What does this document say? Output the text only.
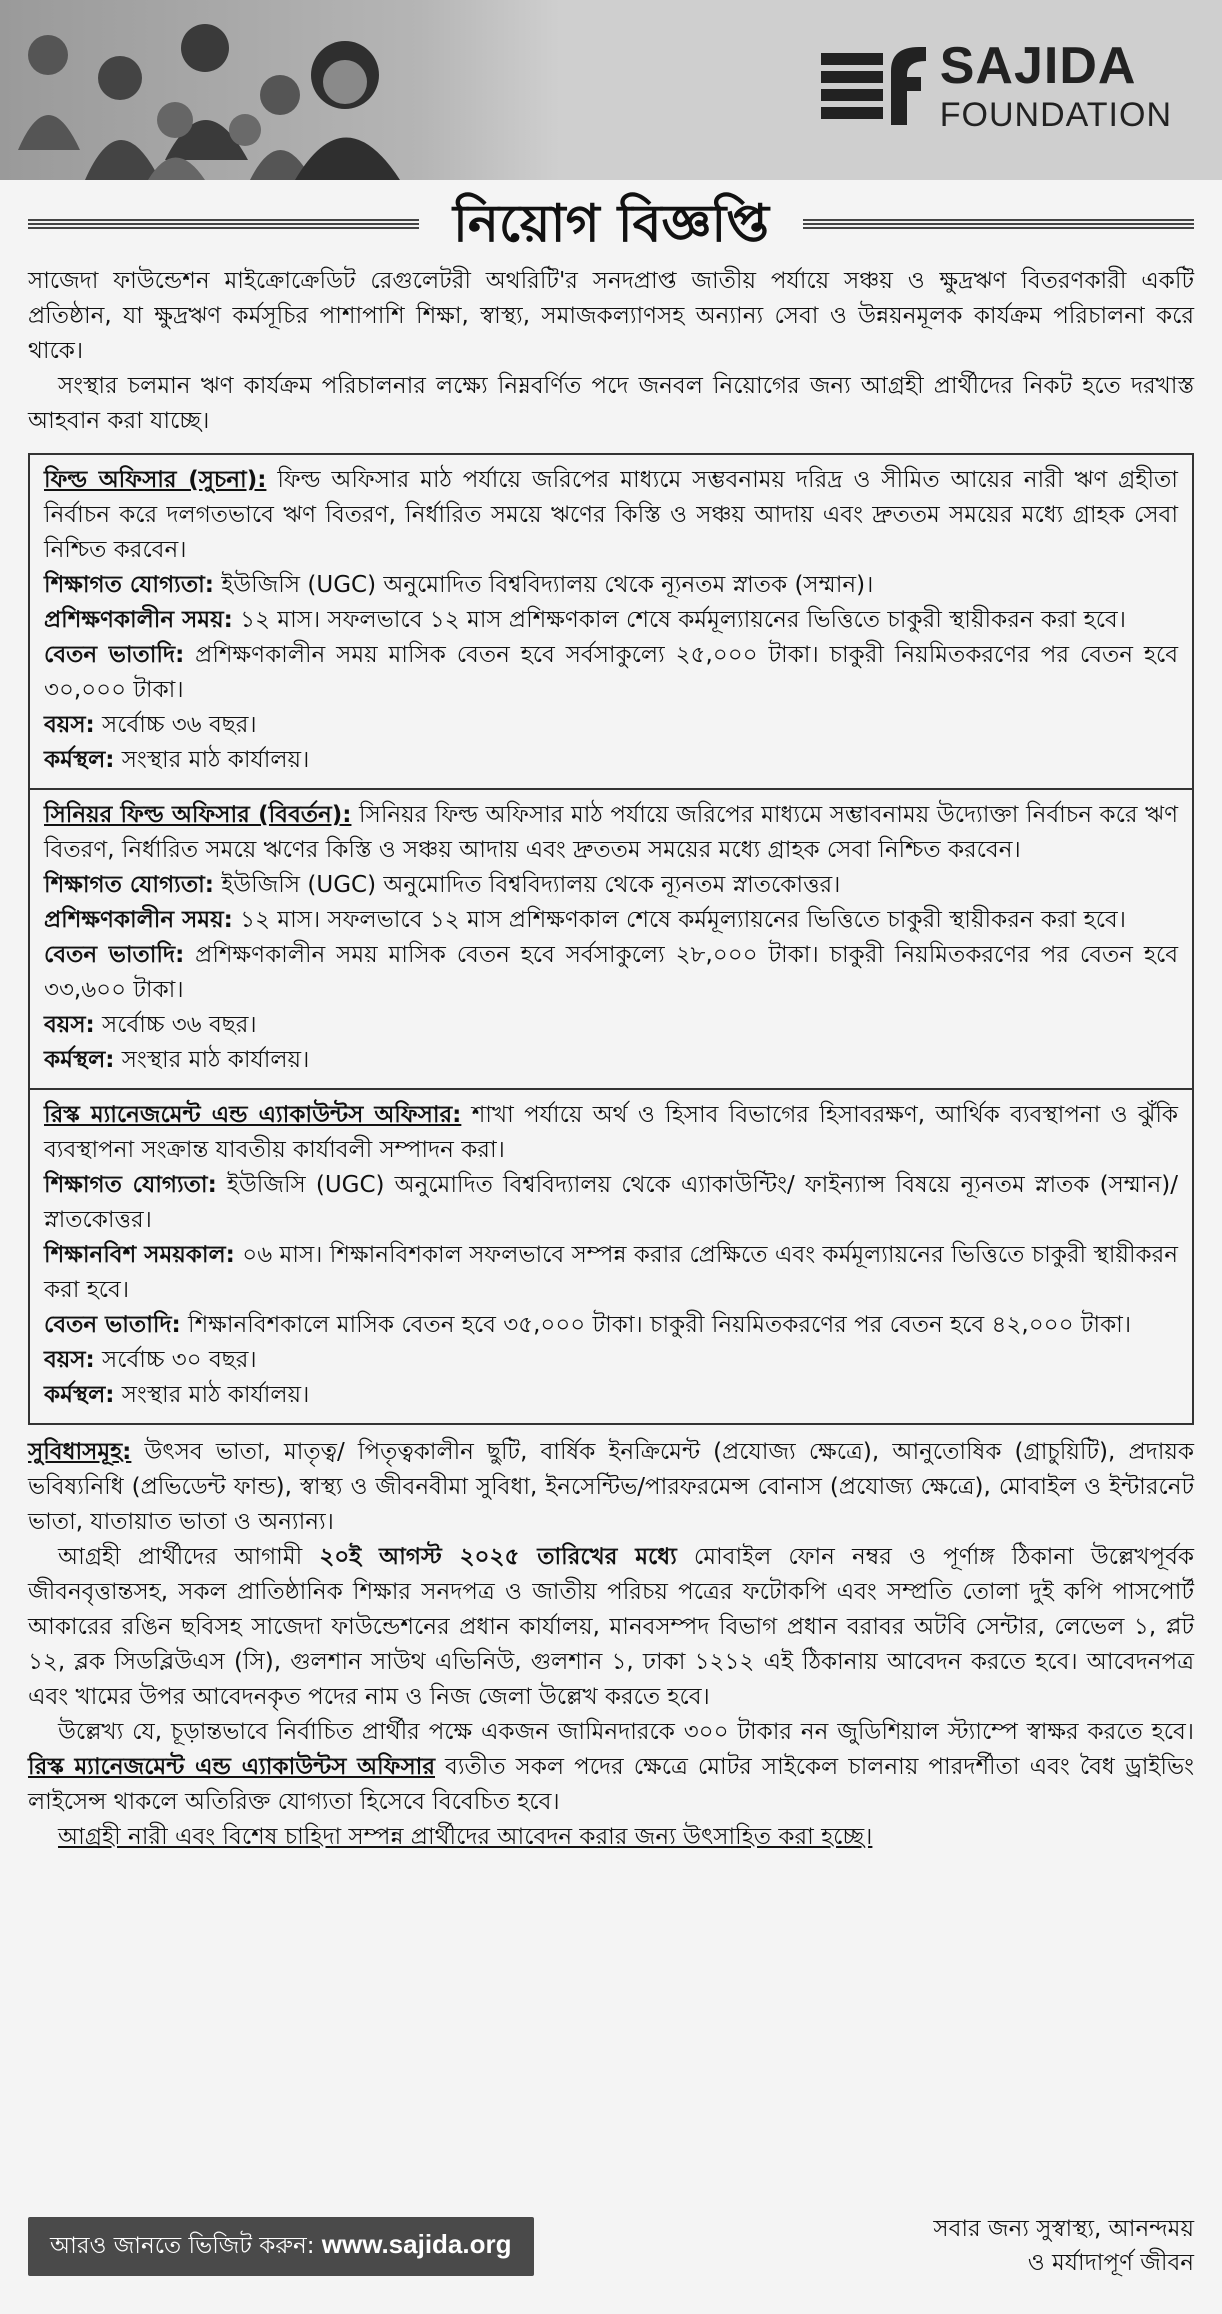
SAJIDA
FOUNDATION
নিয়োগ বিজ্ঞপ্তি

সাজেদা ফাউন্ডেশন মাইক্রোক্রেডিট রেগুলেটরী অথরিটি'র সনদপ্রাপ্ত জাতীয় পর্যায়ে সঞ্চয় ও ক্ষুদ্রঋণ বিতরণকারী একটি প্রতিষ্ঠান, যা ক্ষুদ্রঋণ কর্মসূচির পাশাপাশি শিক্ষা, স্বাস্থ্য, সমাজকল্যাণসহ অন্যান্য সেবা ও উন্নয়নমূলক কার্যক্রম পরিচালনা করে থাকে।

সংস্থার চলমান ঋণ কার্যক্রম পরিচালনার লক্ষ্যে নিম্নবর্ণিত পদে জনবল নিয়োগের জন্য আগ্রহী প্রার্থীদের নিকট হতে দরখাস্ত আহবান করা যাচ্ছে।

ফিল্ড অফিসার (সুচনা): ফিল্ড অফিসার মাঠ পর্যায়ে জরিপের মাধ্যমে সম্ভবনাময় দরিদ্র ও সীমিত আয়ের নারী ঋণ গ্রহীতা নির্বাচন করে দলগতভাবে ঋণ বিতরণ, নির্ধারিত সময়ে ঋণের কিস্তি ও সঞ্চয় আদায় এবং দ্রুততম সময়ের মধ্যে গ্রাহক সেবা নিশ্চিত করবেন।

শিক্ষাগত যোগ্যতা: ইউজিসি (UGC) অনুমোদিত বিশ্ববিদ্যালয় থেকে ন্যূনতম স্নাতক (সম্মান)।

প্রশিক্ষণকালীন সময়: ১২ মাস। সফলভাবে ১২ মাস প্রশিক্ষণকাল শেষে কর্মমূল্যায়নের ভিত্তিতে চাকুরী স্থায়ীকরন করা হবে।

বেতন ভাতাদি: প্রশিক্ষণকালীন সময় মাসিক বেতন হবে সর্বসাকুল্যে ২৫,০০০ টাকা। চাকুরী নিয়মিতকরণের পর বেতন হবে ৩০,০০০ টাকা।

বয়স: সর্বোচ্চ ৩৬ বছর।

কর্মস্থল: সংস্থার মাঠ কার্যালয়।

সিনিয়র ফিল্ড অফিসার (বিবর্তন): সিনিয়র ফিল্ড অফিসার মাঠ পর্যায়ে জরিপের মাধ্যমে সম্ভাবনাময় উদ্যোক্তা নির্বাচন করে ঋণ বিতরণ, নির্ধারিত সময়ে ঋণের কিস্তি ও সঞ্চয় আদায় এবং দ্রুততম সময়ের মধ্যে গ্রাহক সেবা নিশ্চিত করবেন।

শিক্ষাগত যোগ্যতা: ইউজিসি (UGC) অনুমোদিত বিশ্ববিদ্যালয় থেকে ন্যূনতম স্নাতকোত্তর।

প্রশিক্ষণকালীন সময়: ১২ মাস। সফলভাবে ১২ মাস প্রশিক্ষণকাল শেষে কর্মমূল্যায়নের ভিত্তিতে চাকুরী স্থায়ীকরন করা হবে।

বেতন ভাতাদি: প্রশিক্ষণকালীন সময় মাসিক বেতন হবে সর্বসাকুল্যে ২৮,০০০ টাকা। চাকুরী নিয়মিতকরণের পর বেতন হবে ৩৩,৬০০ টাকা।

বয়স: সর্বোচ্চ ৩৬ বছর।

কর্মস্থল: সংস্থার মাঠ কার্যালয়।

রিস্ক ম্যানেজমেন্ট এন্ড এ্যাকাউন্টস অফিসার: শাখা পর্যায়ে অর্থ ও হিসাব বিভাগের হিসাবরক্ষণ, আর্থিক ব্যবস্থাপনা ও ঝুঁকি ব্যবস্থাপনা সংক্রান্ত যাবতীয় কার্যাবলী সম্পাদন করা।

শিক্ষাগত যোগ্যতা: ইউজিসি (UGC) অনুমোদিত বিশ্ববিদ্যালয় থেকে এ্যাকাউন্টিং/ ফাইন্যান্স বিষয়ে ন্যূনতম স্নাতক (সম্মান)/স্নাতকোত্তর।

শিক্ষানবিশ সময়কাল: ০৬ মাস। শিক্ষানবিশকাল সফলভাবে সম্পন্ন করার প্রেক্ষিতে এবং কর্মমূল্যায়নের ভিত্তিতে চাকুরী স্থায়ীকরন করা হবে।

বেতন ভাতাদি: শিক্ষানবিশকালে মাসিক বেতন হবে ৩৫,০০০ টাকা। চাকুরী নিয়মিতকরণের পর বেতন হবে ৪২,০০০ টাকা।

বয়স: সর্বোচ্চ ৩০ বছর।

কর্মস্থল: সংস্থার মাঠ কার্যালয়।

সুবিধাসমূহ: উৎসব ভাতা, মাতৃত্ব/ পিতৃত্বকালীন ছুটি, বার্ষিক ইনক্রিমেন্ট (প্রযোজ্য ক্ষেত্রে), আনুতোষিক (গ্রাচুয়িটি), প্রদায়ক ভবিষ্যনিধি (প্রভিডেন্ট ফান্ড), স্বাস্থ্য ও জীবনবীমা সুবিধা, ইনসেন্টিভ/পারফরমেন্স বোনাস (প্রযোজ্য ক্ষেত্রে), মোবাইল ও ইন্টারনেট ভাতা, যাতায়াত ভাতা ও অন্যান্য।

আগ্রহী প্রার্থীদের আগামী ২০ই আগস্ট ২০২৫ তারিখের মধ্যে মোবাইল ফোন নম্বর ও পূর্ণাঙ্গ ঠিকানা উল্লেখপূর্বক জীবনবৃত্তান্তসহ, সকল প্রাতিষ্ঠানিক শিক্ষার সনদপত্র ও জাতীয় পরিচয় পত্রের ফটোকপি এবং সম্প্রতি তোলা দুই কপি পাসপোর্ট আকারের রঙিন ছবিসহ সাজেদা ফাউন্ডেশনের প্রধান কার্যালয়, মানবসম্পদ বিভাগ প্রধান বরাবর অটবি সেন্টার, লেভেল ১, প্লট ১২, ব্লক সিডব্লিউএস (সি), গুলশান সাউথ এভিনিউ, গুলশান ১, ঢাকা ১২১২ এই ঠিকানায় আবেদন করতে হবে। আবেদনপত্র এবং খামের উপর আবেদনকৃত পদের নাম ও নিজ জেলা উল্লেখ করতে হবে।

উল্লেখ্য যে, চূড়ান্তভাবে নির্বাচিত প্রার্থীর পক্ষে একজন জামিনদারকে ৩০০ টাকার নন জুডিশিয়াল স্ট্যাম্পে স্বাক্ষর করতে হবে। রিস্ক ম্যানেজমেন্ট এন্ড এ্যাকাউন্টস অফিসার ব্যতীত সকল পদের ক্ষেত্রে মোটর সাইকেল চালনায় পারদর্শীতা এবং বৈধ ড্রাইভিং লাইসেন্স থাকলে অতিরিক্ত যোগ্যতা হিসেবে বিবেচিত হবে।

আগ্রহী নারী এবং বিশেষ চাহিদা সম্পন্ন প্রার্থীদের আবেদন করার জন্য উৎসাহিত করা হচ্ছে।

আরও জানতে ভিজিট করুন: www.sajida.org	সবার জন্য সুস্বাস্থ্য, আনন্দময়
ও মর্যাদাপূর্ণ জীবন
